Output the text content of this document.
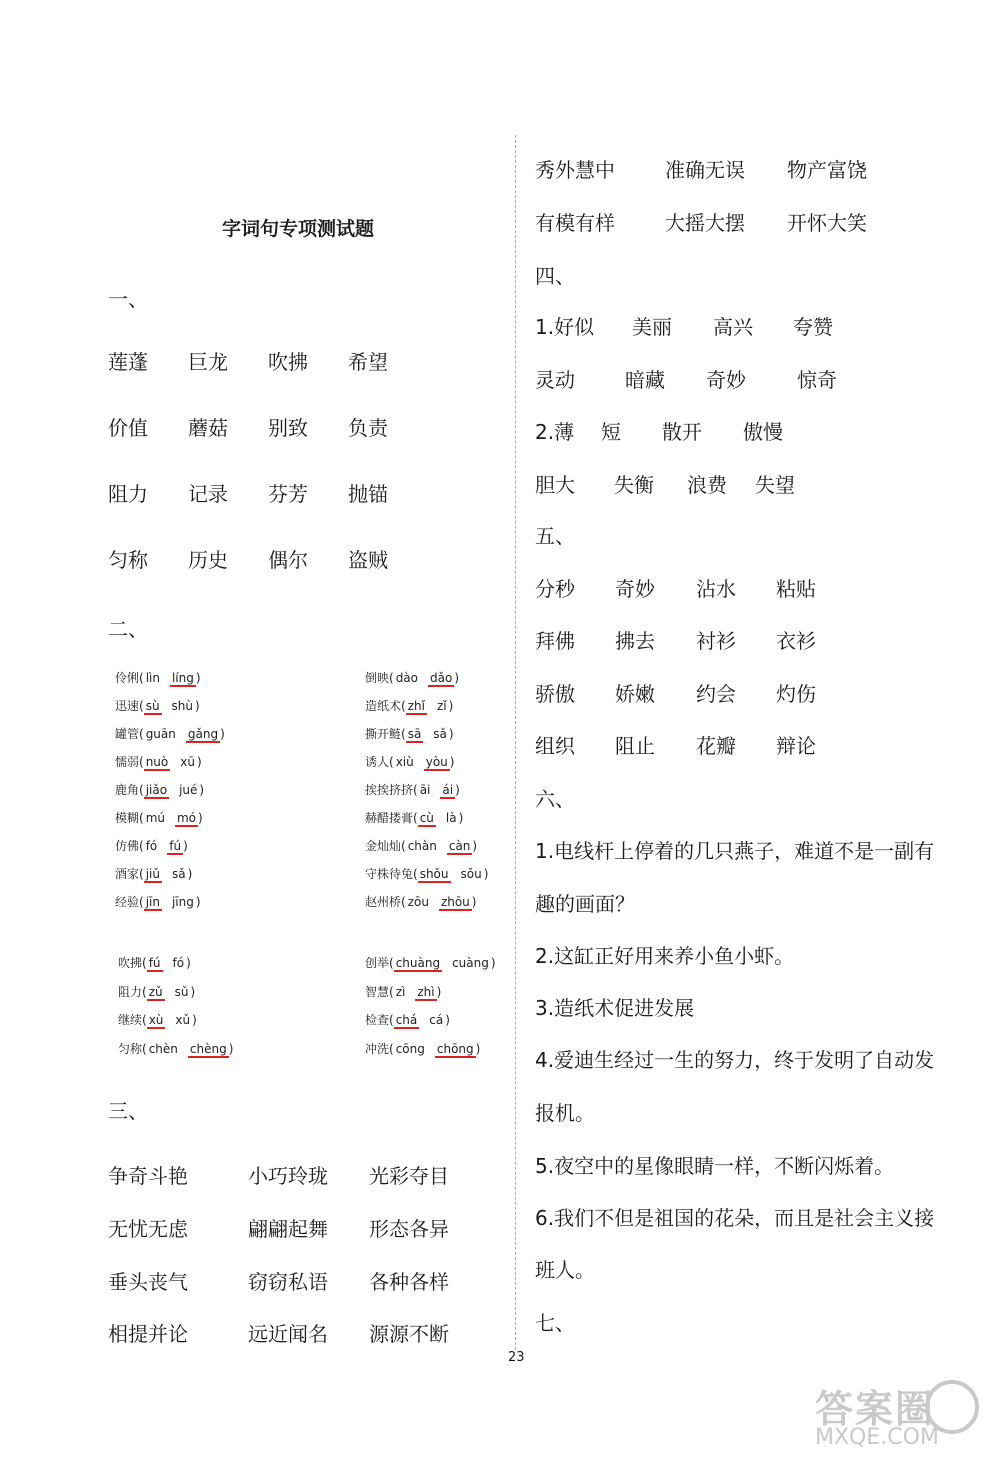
字词句专项测试题
一、
二、
三、
四、
五、
六、
七、
23
莲蓬 巨龙 吹拂 希望
价值 蘑菇 别致 负责
阻力 记录 芬芳 抛锚
匀称 历史 偶尔 盗贼
伶俐( lìn líng )
迅速( sù shù )
罐管( guān gǎng )
懦弱( nuò xū )
鹿角( jiǎo jué )
模糊( mú mó )
仿佛( fó fú )
酒家( jiǔ sǎ )
经验( jīn jīng )
倒映( dào dǎo )
造纸术( zhǐ zǐ )
撕开鲢( sā sǎ )
诱人( xiù yòu )
挨挨挤挤( āi ái )
赫醋搂膏( cù là )
金灿灿( chàn càn )
守株待兔( shǒu sǒu )
赵州桥( zōu zhōu )
吹拂( fú fó )
阻力( zǔ sǔ )
继续( xù xǔ )
匀称( chèn chèng )
创举( chuàng cuàng )
智慧( zì zhì )
检查( chá cá )
冲洗( cōng chōng )
争奇斗艳	小巧玲珑 光彩夺目
无忧无虑	翩翩起舞 形态各异
垂头丧气	窃窃私语 各种各样
相提并论	远近闻名 源源不断
秀外慧中	准确无误 物产富饶
有模有样	大摇大摆 开怀大笑
1.好似 美丽 高兴 夸赞
灵动	暗藏 奇妙	惊奇
2.薄 短 散开 傲慢
胆大 失衡 浪费 失望
分秒 奇妙 沾水 粘贴
拜佛 拂去 衬衫 衣衫
骄傲 娇嫩 约会 灼伤
组织 阻止 花瓣 辩论
1.电线杆上停着的几只燕子，难道不是一副有
趣的画面？
2.这缸正好用来养小鱼小虾。
3.造纸术促进发展
4.爱迪生经过一生的努力，终于发明了自动发
报机。
5.夜空中的星像眼睛一样，不断闪烁着。
6.我们不但是祖国的花朵，而且是社会主义接
班人。
答案圈
MXQE.COM
